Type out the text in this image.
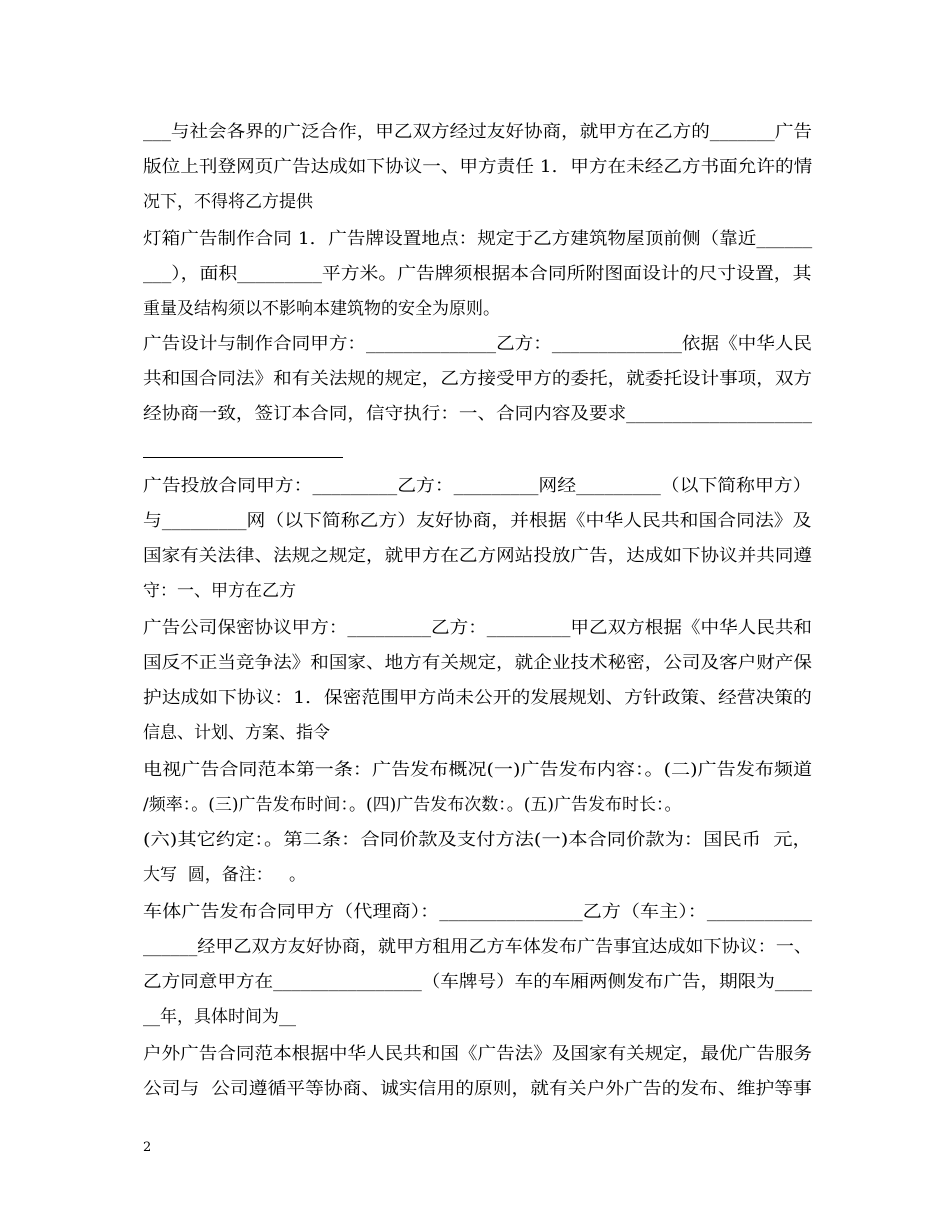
___与社会各界的广泛合作，甲乙双方经过友好协商，就甲方在乙方的_______广告
版位上刊登网页广告达成如下协议一、甲方责任 1．甲方在未经乙方书面允许的情
况下，不得将乙方提供
灯箱广告制作合同 1．广告牌设置地点：规定于乙方建筑物屋顶前侧（靠近______
___），面积_________平方米。广告牌须根据本合同所附图面设计的尺寸设置，其
重量及结构须以不影响本建筑物的安全为原则。
广告设计与制作合同甲方：______________乙方：______________依据《中华人民
共和国合同法》和有关法规的规定，乙方接受甲方的委托，就委托设计事项，双方
经协商一致，签订本合同，信守执行：一、合同内容及要求____________________
广告投放合同甲方：_________乙方：_________网经_________（以下简称甲方）
与_________网（以下简称乙方）友好协商，并根据《中华人民共和国合同法》及
国家有关法律、法规之规定，就甲方在乙方网站投放广告，达成如下协议并共同遵
守：一、甲方在乙方
广告公司保密协议甲方：_________乙方：_________甲乙双方根据《中华人民共和
国反不正当竞争法》和国家、地方有关规定，就企业技术秘密，公司及客户财产保
护达成如下协议：1．保密范围甲方尚未公开的发展规划、方针政策、经营决策的
信息、计划、方案、指令
电视广告合同范本第一条：广告发布概况(一)广告发布内容：。(二)广告发布频道
/频率：。(三)广告发布时间：。(四)广告发布次数：。(五)广告发布时长：。
(六)其它约定：。第二条：合同价款及支付方法(一)本合同价款为：国民币  元，
大写  圆，备注：   。
车体广告发布合同甲方（代理商）：_______________乙方（车主）：___________
______经甲乙双方友好协商，就甲方租用乙方车体发布广告事宜达成如下协议：一、
乙方同意甲方在________________（车牌号）车的车厢两侧发布广告，期限为____
__年，具体时间为__
户外广告合同范本根据中华人民共和国《广告法》及国家有关规定，最优广告服务
公司与  公司遵循平等协商、诚实信用的原则，就有关户外广告的发布、维护等事
2
